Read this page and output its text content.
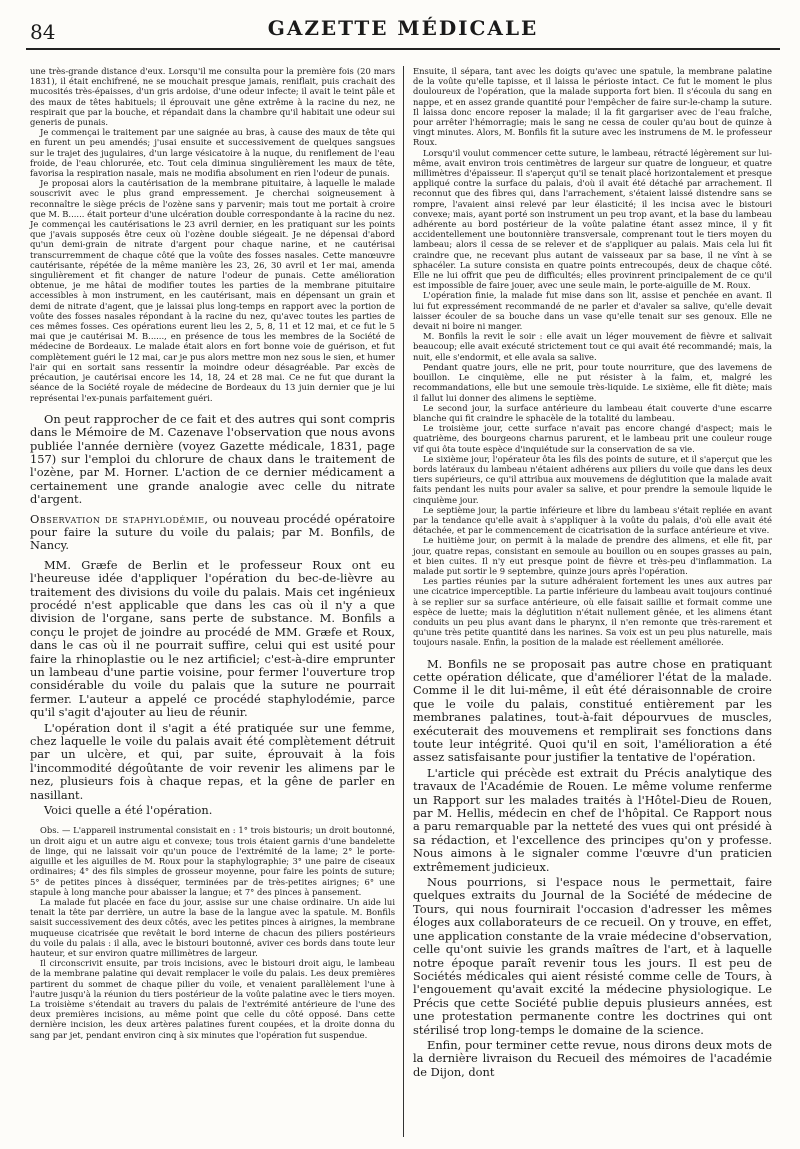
84	GAZETTE MÉDICALE

une très-grande distance d'eux. Lorsqu'il me consulta pour la première fois (20 mars 1831), il était enchifrené, ne se mouchait presque jamais, reniflait, puis crachait des mucosités très-épaisses, d'un gris ardoise, d'une odeur infecte; il avait le teint pâle et des maux de têtes habituels; il éprouvait une gêne extrême à la racine du nez, ne respirait que par la bouche, et répandait dans la chambre qu'il habitait une odeur sui generis de punais.

Je commençai le traitement par une saignée au bras, à cause des maux de tête qui en furent un peu amendés; j'usai ensuite et successivement de quelques sangsues sur le trajet des jugulaires, d'un large vésicatoire à la nuque, du reniflement de l'eau froide, de l'eau chlorurée, etc. Tout cela diminua singulièrement les maux de tête, favorisa la respiration nasale, mais ne modifia absolument en rien l'odeur de punais.

Je proposai alors la cautérisation de la membrane pituitaire, à laquelle le malade souscrivit avec le plus grand empressement. Je cherchai soigneusement à reconnaître le siège précis de l'ozène sans y parvenir; mais tout me portait à croire que M. B...... était porteur d'une ulcération double correspondante à la racine du nez. Je commençai les cautérisations le 23 avril dernier, en les pratiquant sur les points que j'avais supposés être ceux où l'ozène double siégeait. Je ne dépensai d'abord qu'un demi-grain de nitrate d'argent pour chaque narine, et ne cautérisai transcurremment de chaque côté que la voûte des fosses nasales. Cette manœuvre cautérisante, répétée de la même manière les 23, 26, 30 avril et 1er mai, amenda singulièrement et fit changer de nature l'odeur de punais. Cette amélioration obtenue, je me hâtai de modifier toutes les parties de la membrane pituitaire accessibles à mon instrument, en les cautérisant, mais en dépensant un grain et demi de nitrate d'agent, que je laissai plus long-temps en rapport avec la portion de voûte des fosses nasales répondant à la racine du nez, qu'avec toutes les parties de ces mêmes fosses. Ces opérations eurent lieu les 2, 5, 8, 11 et 12 mai, et ce fut le 5 mai que je cautérisai M. B......, en présence de tous les membres de la Société de médecine de Bordeaux. Le malade était alors en fort bonne voie de guérison, et fut complètement guéri le 12 mai, car je pus alors mettre mon nez sous le sien, et humer l'air qui en sortait sans ressentir la moindre odeur désagréable. Par excès de précaution, je cautérisai encore les 14, 18, 24 et 28 mai. Ce ne fut que durant la séance de la Société royale de médecine de Bordeaux du 13 juin dernier que je lui représentai l'ex-punais parfaitement guéri.

On peut rapprocher de ce fait et des autres qui sont compris dans le Mémoire de M. Cazenave l'observation que nous avons publiée l'année dernière (voyez Gazette médicale, 1831, page 157) sur l'emploi du chlorure de chaux dans le traitement de l'ozène, par M. Horner. L'action de ce dernier médicament a certainement une grande analogie avec celle du nitrate d'argent.

Observation de staphylodémie, ou nouveau procédé opératoire pour faire la suture du voile du palais; par M. Bonfils, de Nancy.

MM. Græfe de Berlin et le professeur Roux ont eu l'heureuse idée d'appliquer l'opération du bec-de-lièvre au traitement des divisions du voile du palais. Mais cet ingénieux procédé n'est applicable que dans les cas où il n'y a que division de l'organe, sans perte de substance. M. Bonfils a conçu le projet de joindre au procédé de MM. Græfe et Roux, dans le cas où il ne pourrait suffire, celui qui est usité pour faire la rhinoplastie ou le nez artificiel; c'est-à-dire emprunter un lambeau d'une partie voisine, pour fermer l'ouverture trop considérable du voile du palais que la suture ne pourrait fermer. L'auteur a appelé ce procédé staphylodémie, parce qu'il s'agit d'ajouter au lieu de réunir.

L'opération dont il s'agit a été pratiquée sur une femme, chez laquelle le voile du palais avait été complètement détruit par un ulcère, et qui, par suite, éprouvait à la fois l'incommodité dégoûtante de voir revenir les alimens par le nez, plusieurs fois à chaque repas, et la gêne de parler en nasillant.

Voici quelle a été l'opération.

Obs. — L'appareil instrumental consistait en : 1° trois bistouris; un droit boutonné, un droit aigu et un autre aigu et convexe; tous trois étaient garnis d'une bandelette de linge, qui ne laissait voir qu'un pouce de l'extrémité de la lame; 2° le porte-aiguille et les aiguilles de M. Roux pour la staphylographie; 3° une paire de ciseaux ordinaires; 4° des fils simples de grosseur moyenne, pour faire les points de suture; 5° de petites pinces à disséquer, terminées par de très-petites airignes; 6° une stapule à long manche pour abaisser la langue; et 7° des pinces à pansement.

La malade fut placée en face du jour, assise sur une chaise ordinaire. Un aide lui tenait la tête par derrière, un autre la base de la langue avec la spatule. M. Bonfils saisit successivement des deux côtés, avec les petites pinces à airignes, la membrane muqueuse cicatrisée que revêtait le bord interne de chacun des piliers postérieurs du voile du palais : il alla, avec le bistouri boutonné, aviver ces bords dans toute leur hauteur, et sur environ quatre millimètres de largeur.

Il circonscrivit ensuite, par trois incisions, avec le bistouri droit aigu, le lambeau de la membrane palatine qui devait remplacer le voile du palais. Les deux premières partirent du sommet de chaque pilier du voile, et venaient parallèlement l'une à l'autre jusqu'à la réunion du tiers postérieur de la voûte palatine avec le tiers moyen. La troisième s'étendait au travers du palais de l'extrémité antérieure de l'une des deux premières incisions, au même point que celle du côté opposé. Dans cette dernière incision, les deux artères palatines furent coupées, et la droite donna du sang par jet, pendant environ cinq à six minutes que l'opération fut suspendue.

Ensuite, il sépara, tant avec les doigts qu'avec une spatule, la membrane palatine de la voûte qu'elle tapisse, et il laissa le périoste intact. Ce fut le moment le plus douloureux de l'opération, que la malade supporta fort bien. Il s'écoula du sang en nappe, et en assez grande quantité pour l'empêcher de faire sur-le-champ la suture. Il laissa donc encore reposer la malade; il la fit gargariser avec de l'eau fraîche, pour arrêter l'hémorragie; mais le sang ne cessa de couler qu'au bout de quinze à vingt minutes. Alors, M. Bonfils fit la suture avec les instrumens de M. le professeur Roux.

Lorsqu'il voulut commencer cette suture, le lambeau, rétracté légèrement sur lui-même, avait environ trois centimètres de largeur sur quatre de longueur, et quatre millimètres d'épaisseur. Il s'aperçut qu'il se tenait placé horizontalement et presque appliqué contre la surface du palais, d'où il avait été détaché par arrachement. Il reconnut que des fibres qui, dans l'arrachement, s'étaient laissé distendre sans se rompre, l'avaient ainsi relevé par leur élasticité; il les incisa avec le bistouri convexe; mais, ayant porté son instrument un peu trop avant, et la base du lambeau adhérente au bord postérieur de la voûte palatine étant assez mince, il y fit accidentellement une boutonnière transversale, comprenant tout le tiers moyen du lambeau; alors il cessa de se relever et de s'appliquer au palais. Mais cela lui fit craindre que, ne recevant plus autant de vaisseaux par sa base, il ne vînt à se sphacéler. La suture consista en quatre points entrecoupés, deux de chaque côté. Elle ne lui offrit que peu de difficultés; elles provinrent principalement de ce qu'il est impossible de faire jouer, avec une seule main, le porte-aiguille de M. Roux.

L'opération finie, la malade fut mise dans son lit, assise et penchée en avant. Il lui fut expressément recommandé de ne parler et d'avaler sa salive, qu'elle devait laisser écouler de sa bouche dans un vase qu'elle tenait sur ses genoux. Elle ne devait ni boire ni manger.

M. Bonfils la revit le soir : elle avait un léger mouvement de fièvre et salivait beaucoup; elle avait exécuté strictement tout ce qui avait été recommandé; mais, la nuit, elle s'endormit, et elle avala sa salive.

Pendant quatre jours, elle ne prit, pour toute nourriture, que des lavemens de bouillon. Le cinquième, elle ne put résister à la faim, et, malgré les recommandations, elle but une semoule très-liquide. Le sixième, elle fit diète; mais il fallut lui donner des alimens le septième.

Le second jour, la surface antérieure du lambeau était couverte d'une escarre blanche qui fit craindre le sphacèle de la totalité du lambeau.

Le troisième jour, cette surface n'avait pas encore changé d'aspect; mais le quatrième, des bourgeons charnus parurent, et le lambeau prit une couleur rouge vif qui ôta toute espèce d'inquiétude sur la conservation de sa vie.

Le sixième jour, l'opérateur ôta les fils des points de suture, et il s'aperçut que les bords latéraux du lambeau n'étaient adhérens aux piliers du voile que dans les deux tiers supérieurs, ce qu'il attribua aux mouvemens de déglutition que la malade avait faits pendant les nuits pour avaler sa salive, et pour prendre la semoule liquide le cinquième jour.

Le septième jour, la partie inférieure et libre du lambeau s'était repliée en avant par la tendance qu'elle avait à s'appliquer à la voûte du palais, d'où elle avait été détachée, et par le commencement de cicatrisation de la surface antérieure et vive.

Le huitième jour, on permit à la malade de prendre des alimens, et elle fit, par jour, quatre repas, consistant en semoule au bouillon ou en soupes grasses au pain, et bien cuites. Il n'y eut presque point de fièvre et très-peu d'inflammation. La malade put sortir le 9 septembre, quinze jours après l'opération.

Les parties réunies par la suture adhéraient fortement les unes aux autres par une cicatrice imperceptible. La partie inférieure du lambeau avait toujours continué à se replier sur sa surface antérieure, où elle faisait saillie et formait comme une espèce de luette; mais la déglutition n'était nullement gênée, et les alimens étant conduits un peu plus avant dans le pharynx, il n'en remonte que très-rarement et qu'une très petite quantité dans les narines. Sa voix est un peu plus naturelle, mais toujours nasale. Enfin, la position de la malade est réellement améliorée.

M. Bonfils ne se proposait pas autre chose en pratiquant cette opération délicate, que d'améliorer l'état de la malade. Comme il le dit lui-même, il eût été déraisonnable de croire que le voile du palais, constitué entièrement par les membranes palatines, tout-à-fait dépourvues de muscles, exécuterait des mouvemens et remplirait ses fonctions dans toute leur intégrité. Quoi qu'il en soit, l'amélioration a été assez satisfaisante pour justifier la tentative de l'opération.

L'article qui précède est extrait du Précis analytique des travaux de l'Académie de Rouen. Le même volume renferme un Rapport sur les malades traités à l'Hôtel-Dieu de Rouen, par M. Hellis, médecin en chef de l'hôpital. Ce Rapport nous a paru remarquable par la netteté des vues qui ont présidé à sa rédaction, et l'excellence des principes qu'on y professe. Nous aimons à le signaler comme l'œuvre d'un praticien extrêmement judicieux.

Nous pourrions, si l'espace nous le permettait, faire quelques extraits du Journal de la Société de médecine de Tours, qui nous fournirait l'occasion d'adresser les mêmes éloges aux collaborateurs de ce recueil. On y trouve, en effet, une application constante de la vraie médecine d'observation, celle qu'ont suivie les grands maîtres de l'art, et à laquelle notre époque paraît revenir tous les jours. Il est peu de Sociétés médicales qui aient résisté comme celle de Tours, à l'engouement qu'avait excité la médecine physiologique. Le Précis que cette Société publie depuis plusieurs années, est une protestation permanente contre les doctrines qui ont stérilisé trop long-temps le domaine de la science.

Enfin, pour terminer cette revue, nous dirons deux mots de la dernière livraison du Recueil des mémoires de l'académie de Dijon, dont
